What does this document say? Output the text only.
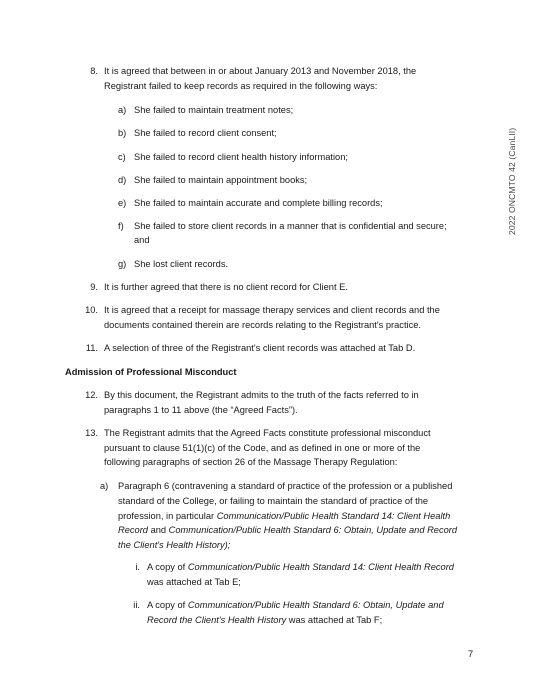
2022 ONCMTO 42 (CanLII)
8. It is agreed that between in or about January 2013 and November 2018, the
Registrant failed to keep records as required in the following ways:
a) She failed to maintain treatment notes;
b) She failed to record client consent;
c) She failed to record client health history information;
d) She failed to maintain appointment books;
e) She failed to maintain accurate and complete billing records;
f) She failed to store client records in a manner that is confidential and secure;
and
g) She lost client records.
9. It is further agreed that there is no client record for Client E.
10. It is agreed that a receipt for massage therapy services and client records and the
documents contained therein are records relating to the Registrant's practice.
11. A selection of three of the Registrant's client records was attached at Tab D.
Admission of Professional Misconduct
12. By this document, the Registrant admits to the truth of the facts referred to in
paragraphs 1 to 11 above (the “Agreed Facts”).
13. The Registrant admits that the Agreed Facts constitute professional misconduct
pursuant to clause 51(1)(c) of the Code, and as defined in one or more of the
following paragraphs of section 26 of the Massage Therapy Regulation:
a) Paragraph 6 (contravening a standard of practice of the profession or a published
standard of the College, or failing to maintain the standard of practice of the
profession, in particular Communication/Public Health Standard 14: Client Health
Record and Communication/Public Health Standard 6: Obtain, Update and Record
the Client's Health History);
i. A copy of Communication/Public Health Standard 14: Client Health Record
was attached at Tab E;
ii. A copy of Communication/Public Health Standard 6: Obtain, Update and
Record the Client's Health History was attached at Tab F;
7
